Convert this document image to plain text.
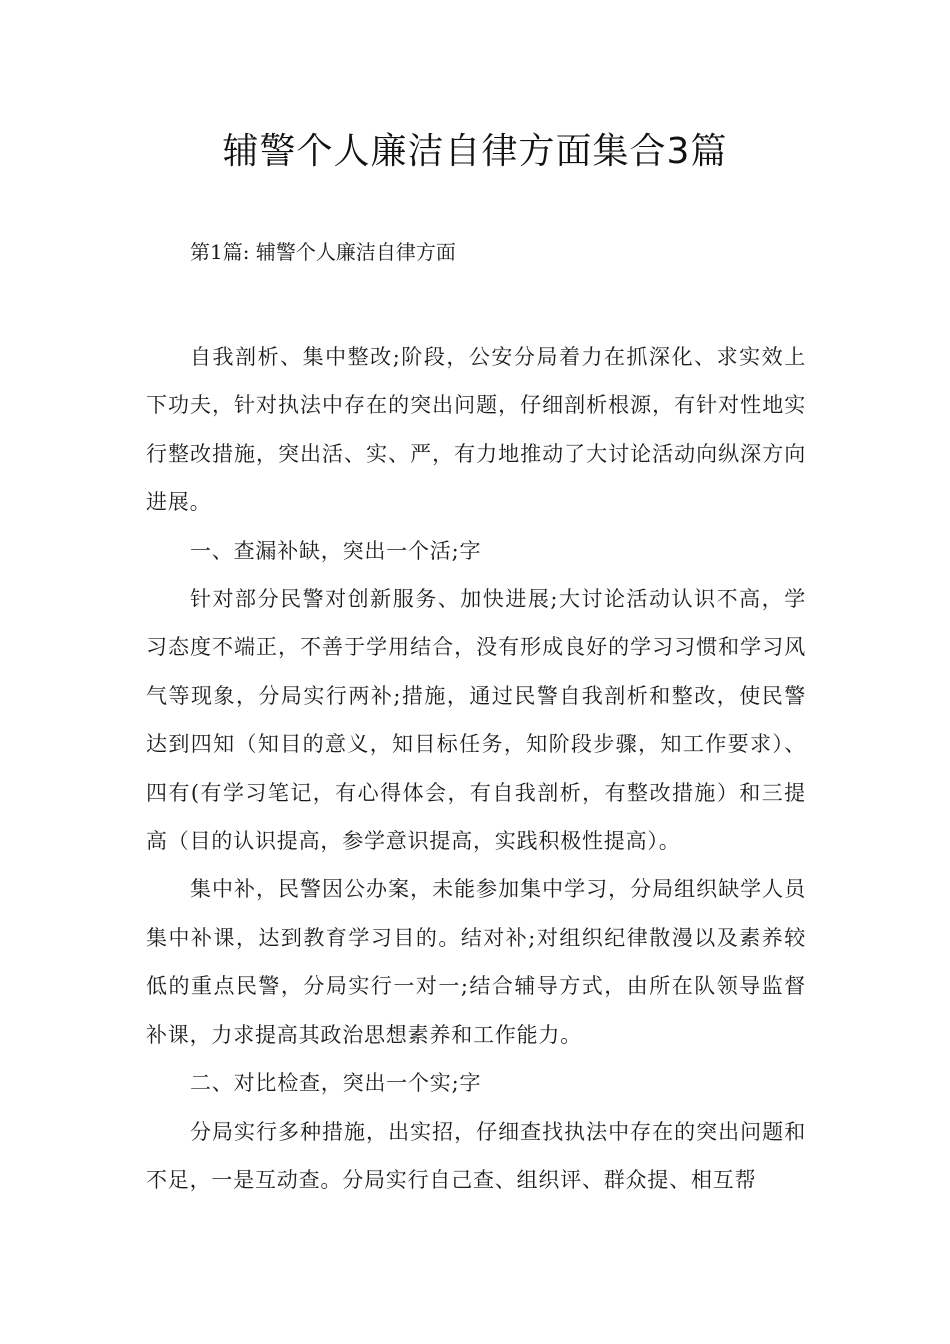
辅警个人廉洁自律方面集合3篇

第1篇: 辅警个人廉洁自律方面

自我剖析、集中整改;阶段，公安分局着力在抓深化、求实效上下功夫，针对执法中存在的突出问题，仔细剖析根源，有针对性地实行整改措施，突出活、实、严，有力地推动了大讨论活动向纵深方向进展。

一、查漏补缺，突出一个活;字

针对部分民警对创新服务、加快进展;大讨论活动认识不高，学习态度不端正，不善于学用结合，没有形成良好的学习习惯和学习风气等现象，分局实行两补;措施，通过民警自我剖析和整改，使民警达到四知（知目的意义，知目标任务，知阶段步骤，知工作要求）、四有(有学习笔记，有心得体会，有自我剖析，有整改措施）和三提高（目的认识提高，参学意识提高，实践积极性提高）。

集中补，民警因公办案，未能参加集中学习，分局组织缺学人员集中补课，达到教育学习目的。结对补;对组织纪律散漫以及素养较低的重点民警，分局实行一对一;结合辅导方式，由所在队领导监督补课，力求提高其政治思想素养和工作能力。

二、对比检查，突出一个实;字

分局实行多种措施，出实招，仔细查找执法中存在的突出问题和不足，一是互动查。分局实行自己查、组织评、群众提、相互帮
